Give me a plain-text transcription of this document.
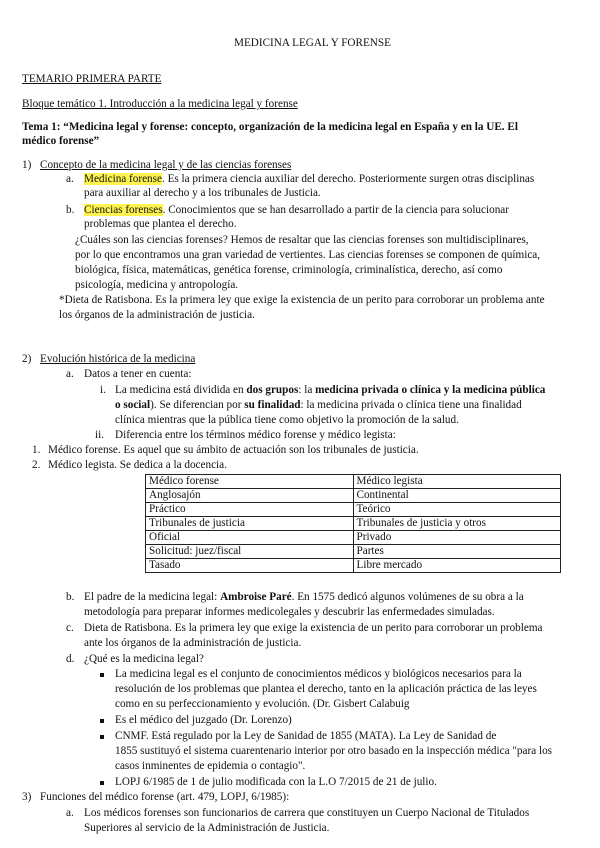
MEDICINA LEGAL Y FORENSE
TEMARIO PRIMERA PARTE
Bloque temático 1. Introducción a la medicina legal y forense
Tema 1: “Medicina legal y forense: concepto, organización de la medicina legal en España y en la UE. El
médico forense”
1) Concepto de la medicina legal y de las ciencias forenses
a. Medicina forense. Es la primera ciencia auxiliar del derecho. Posteriormente surgen otras disciplinas
para auxiliar al derecho y a los tribunales de Justicia.
b. Ciencias forenses. Conocimientos que se han desarrollado a partir de la ciencia para solucionar
problemas que plantea el derecho.
¿Cuáles son las ciencias forenses? Hemos de resaltar que las ciencias forenses son multidisciplinares,
por lo que encontramos una gran variedad de vertientes. Las ciencias forenses se componen de química,
biológica, física, matemáticas, genética forense, criminología, criminalística, derecho, así como
psicología, medicina y antropología.
*Dieta de Ratisbona. Es la primera ley que exige la existencia de un perito para corroborar un problema ante
los órganos de la administración de justicia.
2) Evolución histórica de la medicina
a. Datos a tener en cuenta:
i. La medicina está dividida en dos grupos: la medicina privada o clínica y la medicina pública
o social). Se diferencian por su finalidad: la medicina privada o clínica tiene una finalidad
clínica mientras que la pública tiene como objetivo la promoción de la salud.
ii. Diferencia entre los términos médico forense y médico legista:
1. Médico forense. Es aquel que su ámbito de actuación son los tribunales de justicia.
2. Médico legista. Se dedica a la docencia.
Médico forense	Médico legista
Anglosajón	Continental
Práctico	Teórico
Tribunales de justicia	Tribunales de justicia y otros
Oficial	Privado
Solicitud: juez/fiscal	Partes
Tasado	Libre mercado
b. El padre de la medicina legal: Ambroise Paré. En 1575 dedicó algunos volúmenes de su obra a la
metodología para preparar informes medicolegales y descubrir las enfermedades simuladas.
c. Dieta de Ratisbona. Es la primera ley que exige la existencia de un perito para corroborar un problema
ante los órganos de la administración de justicia.
d. ¿Qué es la medicina legal?
La medicina legal es el conjunto de conocimientos médicos y biológicos necesarios para la
resolución de los problemas que plantea el derecho, tanto en la aplicación práctica de las leyes
como en su perfeccionamiento y evolución. (Dr. Gisbert Calabuig
Es el médico del juzgado (Dr. Lorenzo)
CNMF. Está regulado por la Ley de Sanidad de 1855 (MATA). La Ley de Sanidad de
1855 sustituyó el sistema cuarentenario interior por otro basado en la inspección médica "para los
casos inminentes de epidemia o contagio".
LOPJ 6/1985 de 1 de julio modificada con la L.O 7/2015 de 21 de julio.
3) Funciones del médico forense (art. 479, LOPJ, 6/1985):
a. Los médicos forenses son funcionarios de carrera que constituyen un Cuerpo Nacional de Titulados
Superiores al servicio de la Administración de Justicia.
